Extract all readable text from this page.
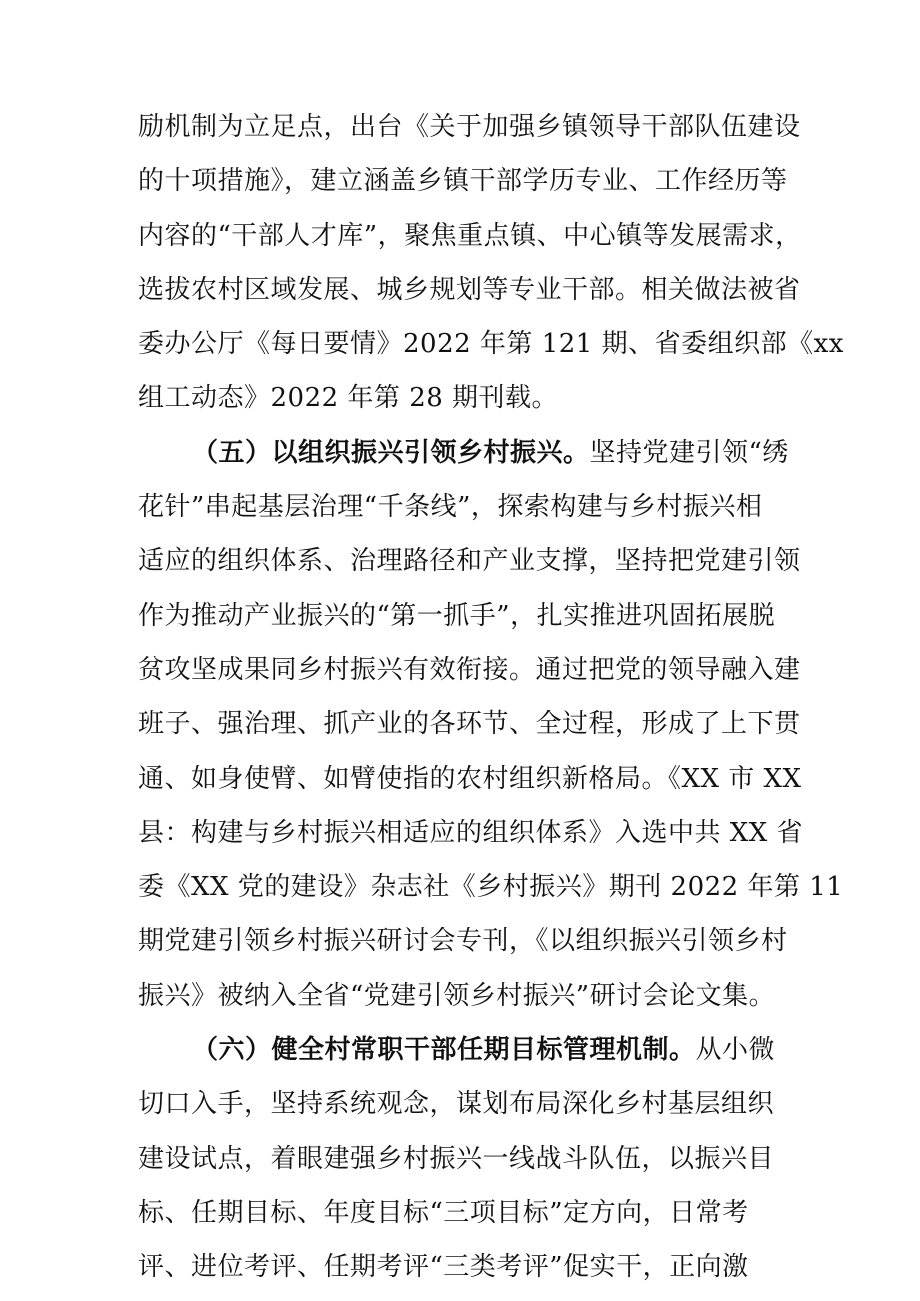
励机制为立足点，出台《关于加强乡镇领导干部队伍建设
的十项措施》，建立涵盖乡镇干部学历专业、工作经历等
内容的“干部人才库”，聚焦重点镇、中心镇等发展需求，
选拔农村区域发展、城乡规划等专业干部。相关做法被省
委办公厅《每日要情》2022 年第 121 期、省委组织部《xx
组工动态》2022 年第 28 期刊载。
（五）以组织振兴引领乡村振兴。坚持党建引领“绣
花针”串起基层治理“千条线”，探索构建与乡村振兴相
适应的组织体系、治理路径和产业支撑，坚持把党建引领
作为推动产业振兴的“第一抓手”，扎实推进巩固拓展脱
贫攻坚成果同乡村振兴有效衔接。通过把党的领导融入建
班子、强治理、抓产业的各环节、全过程，形成了上下贯
通、如身使臂、如臂使指的农村组织新格局。《XX 市 XX
县：构建与乡村振兴相适应的组织体系》入选中共 XX 省
委《XX 党的建设》杂志社《乡村振兴》期刊 2022 年第 11
期党建引领乡村振兴研讨会专刊，《以组织振兴引领乡村
振兴》被纳入全省“党建引领乡村振兴”研讨会论文集。
（六）健全村常职干部任期目标管理机制。从小微
切口入手，坚持系统观念，谋划布局深化乡村基层组织
建设试点，着眼建强乡村振兴一线战斗队伍，以振兴目
标、任期目标、年度目标“三项目标”定方向，日常考
评、进位考评、任期考评“三类考评”促实干，正向激
